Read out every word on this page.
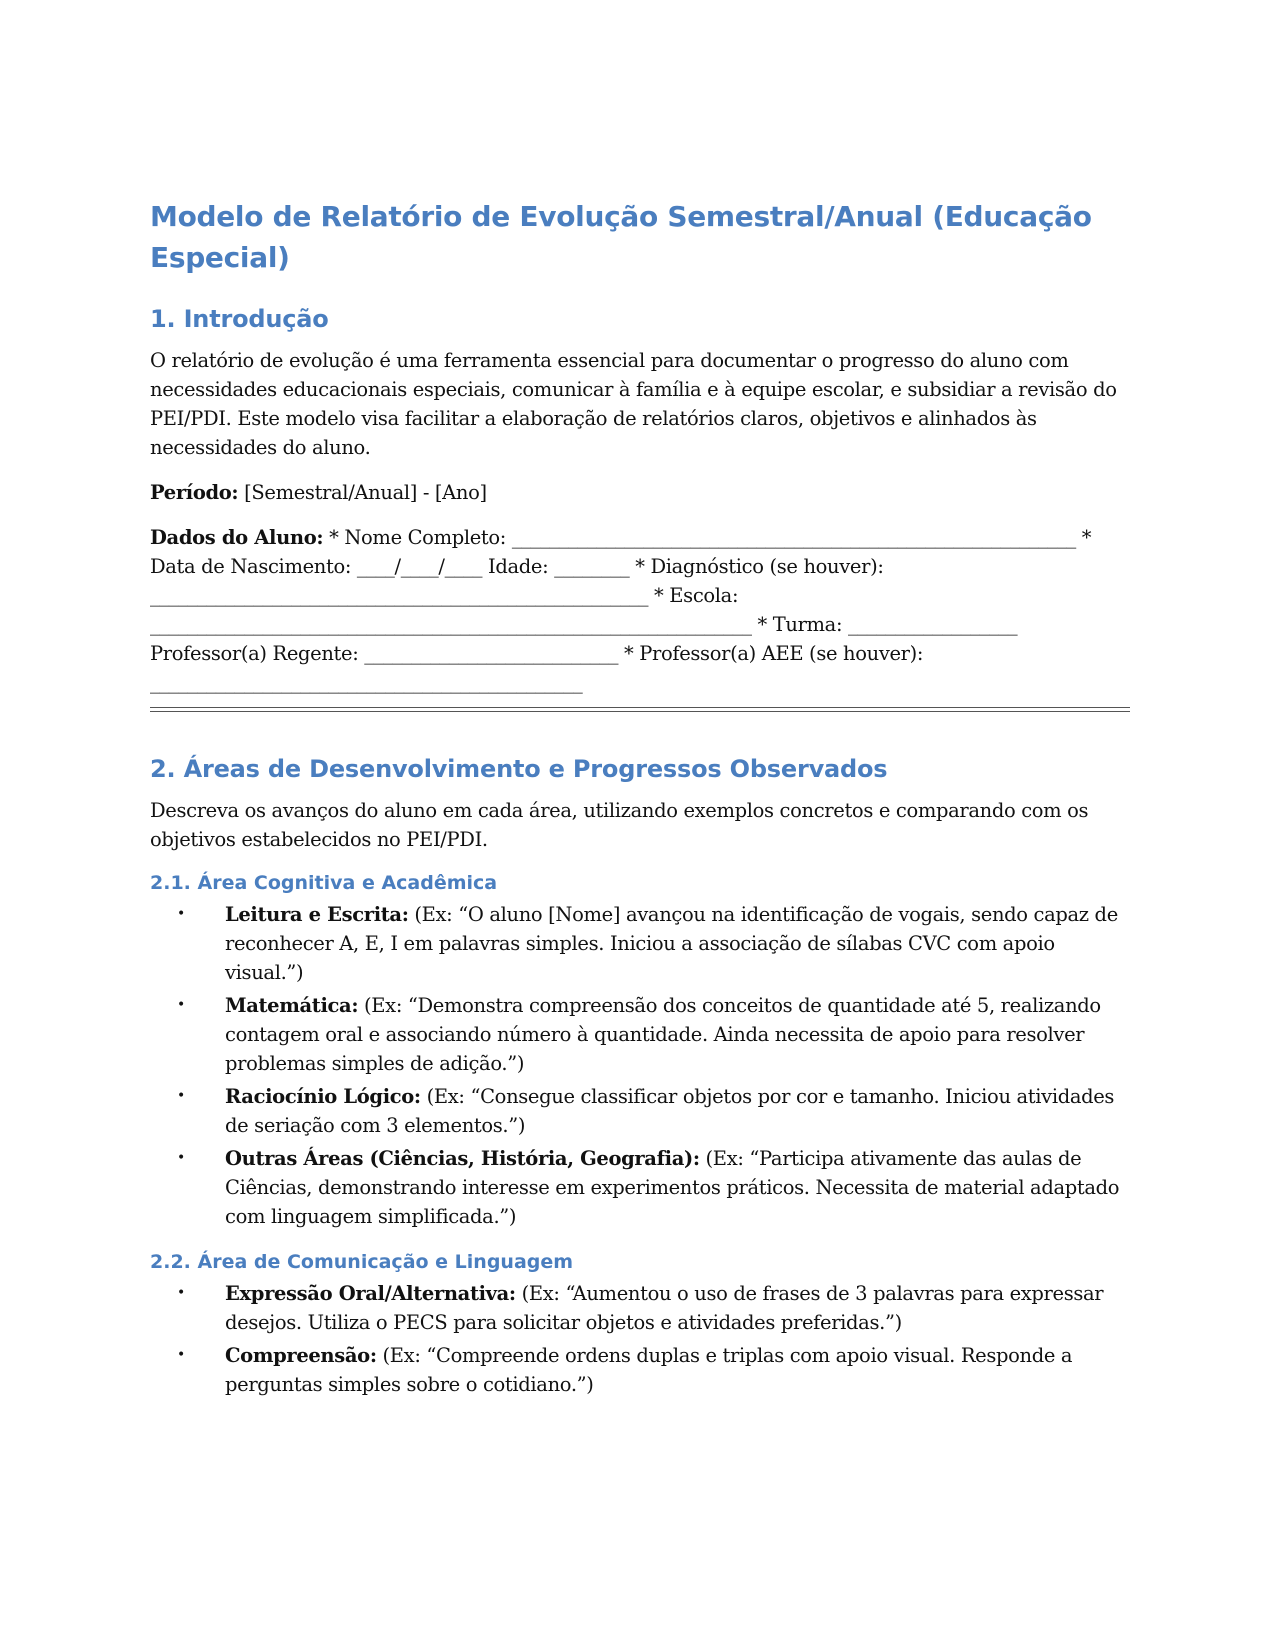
Modelo de Relatório de Evolução Semestral/Anual (Educação Especial)
1. Introdução
O relatório de evolução é uma ferramenta essencial para documentar o progresso do aluno com necessidades educacionais especiais, comunicar à família e à equipe escolar, e subsidiar a revisão do PEI/PDI. Este modelo visa facilitar a elaboração de relatórios claros, objetivos e alinhados às necessidades do aluno.
Período: [Semestral/Anual] - [Ano]
Dados do Aluno: * Nome Completo: ____________________________________________________________ * Data de Nascimento: ____/____/____ Idade: ________ * Diagnóstico (se houver): _____________________________________________________ * Escola: ________________________________________________________________ * Turma: __________________ Professor(a) Regente: ___________________________ * Professor(a) AEE (se houver): ______________________________________________
2. Áreas de Desenvolvimento e Progressos Observados
Descreva os avanços do aluno em cada área, utilizando exemplos concretos e comparando com os objetivos estabelecidos no PEI/PDI.
2.1. Área Cognitiva e Acadêmica
• Leitura e Escrita: (Ex: “O aluno [Nome] avançou na identificação de vogais, sendo capaz de reconhecer A, E, I em palavras simples. Iniciou a associação de sílabas CVC com apoio visual.”)
• Matemática: (Ex: “Demonstra compreensão dos conceitos de quantidade até 5, realizando contagem oral e associando número à quantidade. Ainda necessita de apoio para resolver problemas simples de adição.”)
• Raciocínio Lógico: (Ex: “Consegue classificar objetos por cor e tamanho. Iniciou atividades de seriação com 3 elementos.”)
• Outras Áreas (Ciências, História, Geografia): (Ex: “Participa ativamente das aulas de Ciências, demonstrando interesse em experimentos práticos. Necessita de material adaptado com linguagem simplificada.”)
2.2. Área de Comunicação e Linguagem
• Expressão Oral/Alternativa: (Ex: “Aumentou o uso de frases de 3 palavras para expressar desejos. Utiliza o PECS para solicitar objetos e atividades preferidas.”)
• Compreensão: (Ex: “Compreende ordens duplas e triplas com apoio visual. Responde a perguntas simples sobre o cotidiano.”)
